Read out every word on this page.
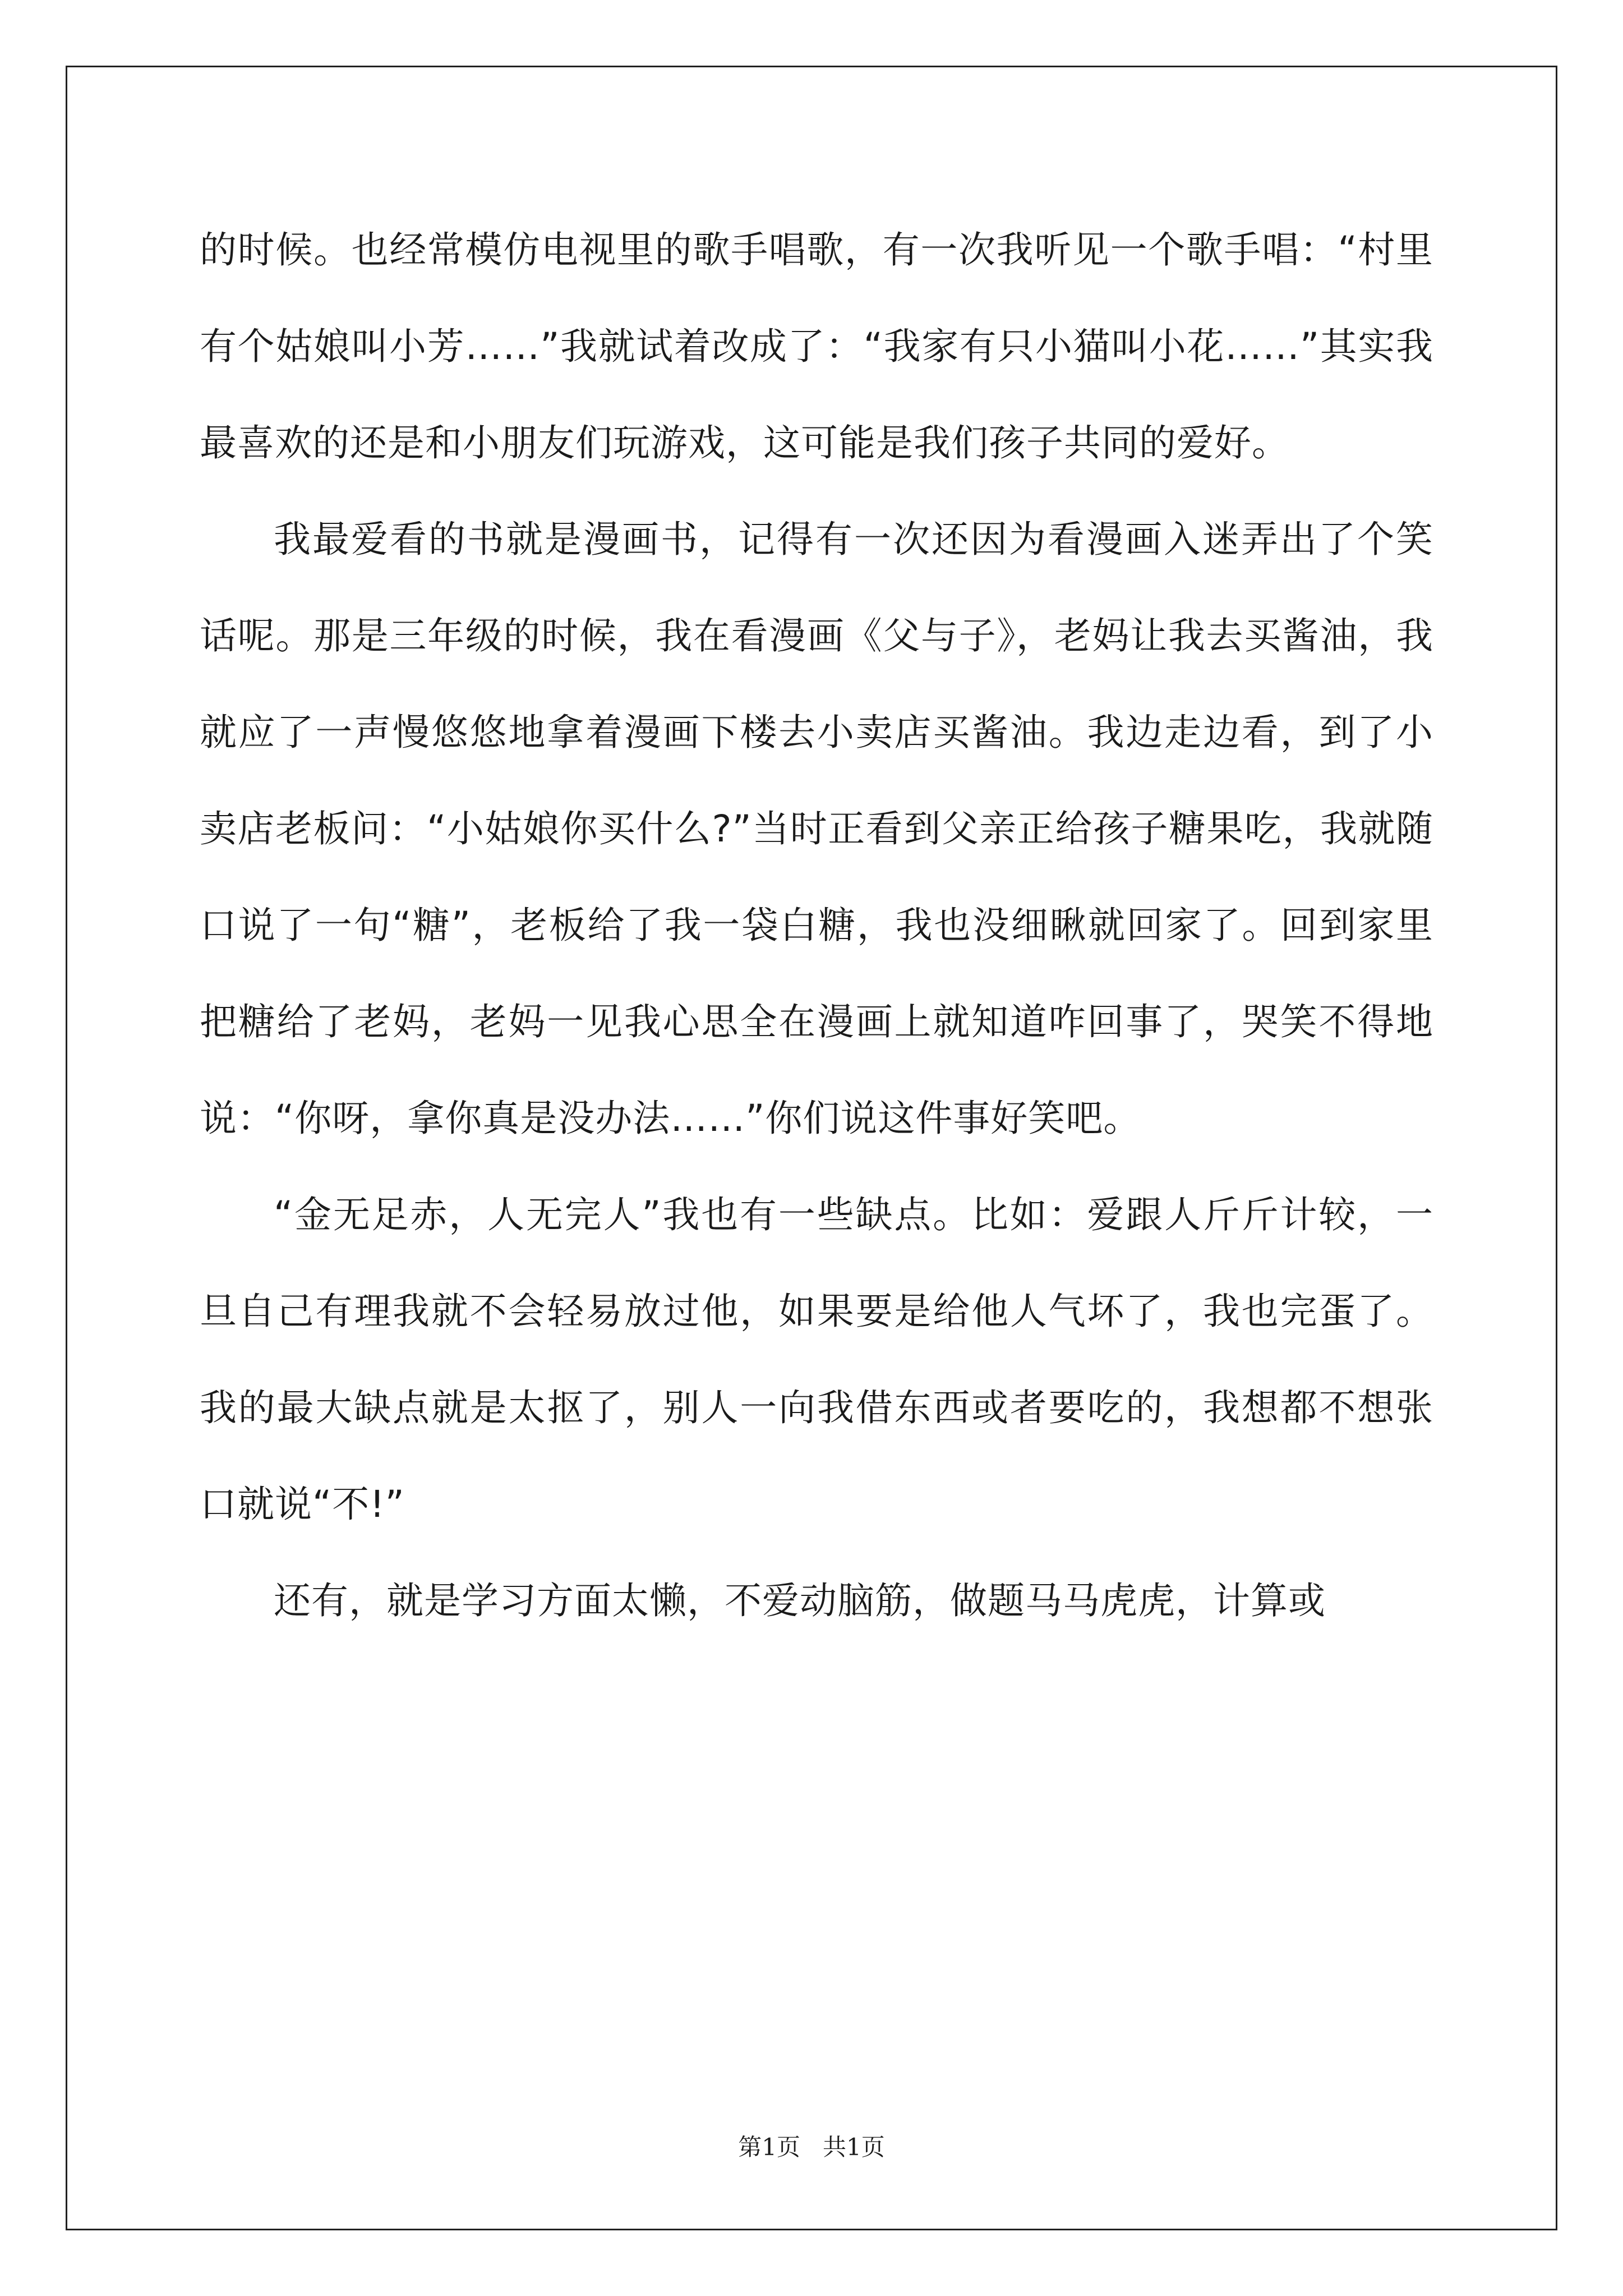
的时候。也经常模仿电视里的歌手唱歌，有一次我听见一个歌手唱：“村里有个姑娘叫小芳……”我就试着改成了：“我家有只小猫叫小花……”其实我最喜欢的还是和小朋友们玩游戏，这可能是我们孩子共同的爱好。

我最爱看的书就是漫画书，记得有一次还因为看漫画入迷弄出了个笑话呢。那是三年级的时候，我在看漫画《父与子》，老妈让我去买酱油，我就应了一声慢悠悠地拿着漫画下楼去小卖店买酱油。我边走边看，到了小卖店老板问：“小姑娘你买什么?”当时正看到父亲正给孩子糖果吃，我就随口说了一句“糖”，老板给了我一袋白糖，我也没细瞅就回家了。回到家里把糖给了老妈，老妈一见我心思全在漫画上就知道咋回事了，哭笑不得地说：“你呀，拿你真是没办法……”你们说这件事好笑吧。

“金无足赤，人无完人”我也有一些缺点。比如：爱跟人斤斤计较，一旦自己有理我就不会轻易放过他，如果要是给他人气坏了，我也完蛋了。我的最大缺点就是太抠了，别人一向我借东西或者要吃的，我想都不想张口就说“不!”

还有，就是学习方面太懒，不爱动脑筋，做题马马虎虎，计算或

第1页 共1页
